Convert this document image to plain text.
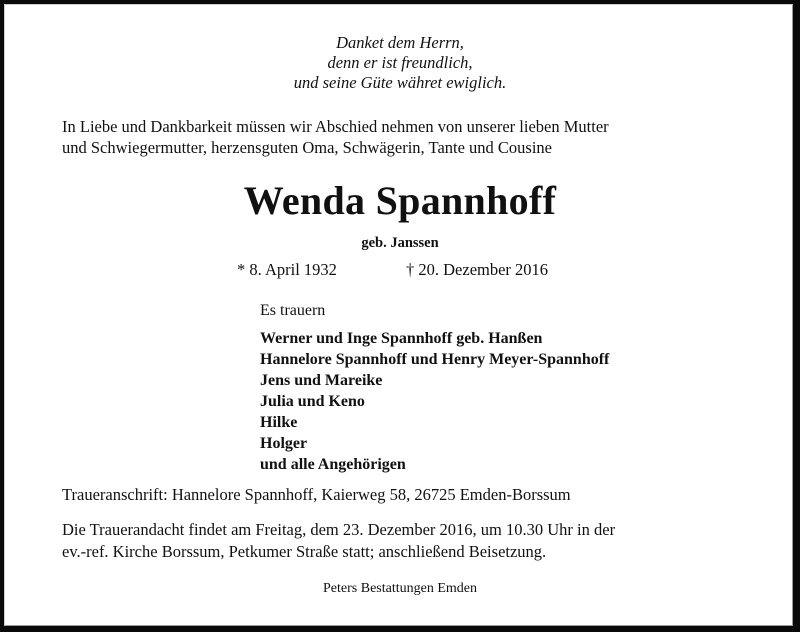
Danket dem Herrn,
denn er ist freundlich,
und seine Güte währet ewiglich.
In Liebe und Dankbarkeit müssen wir Abschied nehmen von unserer lieben Mutter
und Schwiegermutter, herzensguten Oma, Schwägerin, Tante und Cousine
Wenda Spannhoff
geb. Janssen
* 8. April 1932	† 20. Dezember 2016
Es trauern
Werner und Inge Spannhoff geb. Hanßen
Hannelore Spannhoff und Henry Meyer-Spannhoff
Jens und Mareike
Julia und Keno
Hilke
Holger
und alle Angehörigen
Traueranschrift: Hannelore Spannhoff, Kaierweg 58, 26725 Emden-Borssum
Die Trauerandacht findet am Freitag, dem 23. Dezember 2016, um 10.30 Uhr in der
ev.-ref. Kirche Borssum, Petkumer Straße statt; anschließend Beisetzung.
Peters Bestattungen Emden
